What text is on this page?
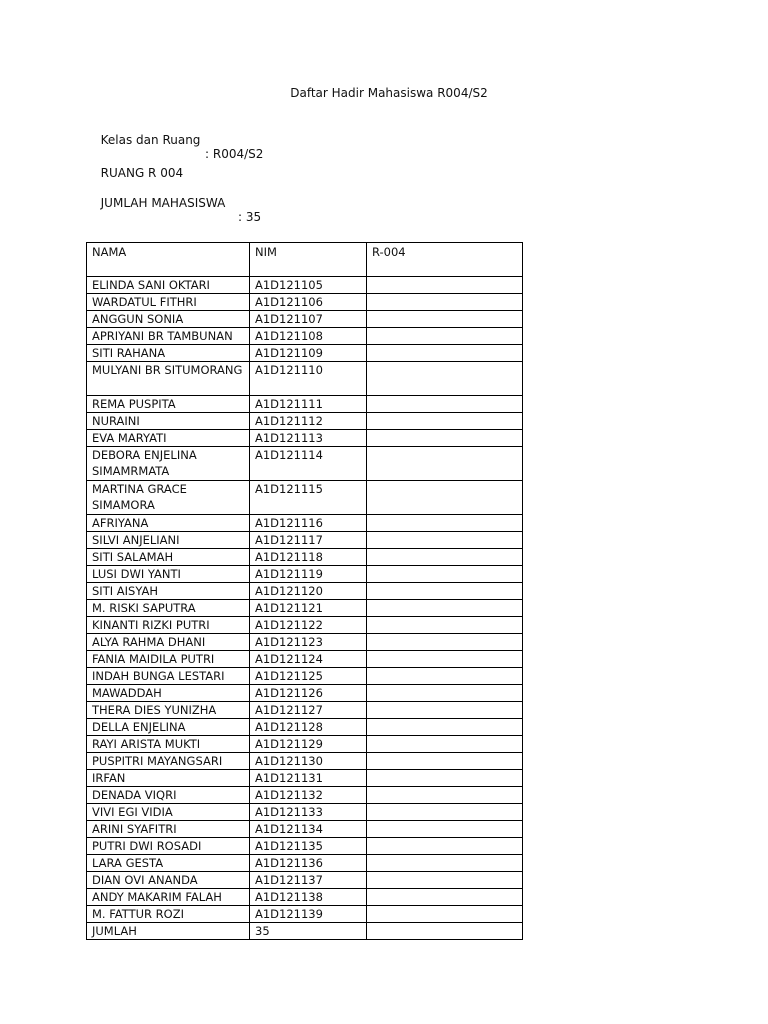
Daftar Hadir Mahasiswa R004/S2

Kelas dan Ruang

: R004/S2

RUANG R 004

JUMLAH MAHASISWA

: 35

NAMA	NIM	R-004
ELINDA SANI OKTARI	A1D121105	
WARDATUL FITHRI	A1D121106	
ANGGUN SONIA	A1D121107	
APRIYANI BR TAMBUNAN	A1D121108	
SITI RAHANA	A1D121109	
MULYANI BR SITUMORANG	A1D121110	
REMA PUSPITA	A1D121111	
NURAINI	A1D121112	
EVA MARYATI	A1D121113	
DEBORA ENJELINA SIMAMRMATA	A1D121114	
MARTINA GRACE SIMAMORA	A1D121115	
AFRIYANA	A1D121116	
SILVI ANJELIANI	A1D121117	
SITI SALAMAH	A1D121118	
LUSI DWI YANTI	A1D121119	
SITI AISYAH	A1D121120	
M. RISKI SAPUTRA	A1D121121	
KINANTI RIZKI PUTRI	A1D121122	
ALYA RAHMA DHANI	A1D121123	
FANIA MAIDILA PUTRI	A1D121124	
INDAH BUNGA LESTARI	A1D121125	
MAWADDAH	A1D121126	
THERA DIES YUNIZHA	A1D121127	
DELLA ENJELINA	A1D121128	
RAYI ARISTA MUKTI	A1D121129	
PUSPITRI MAYANGSARI	A1D121130	
IRFAN	A1D121131	
DENADA VIQRI	A1D121132	
VIVI EGI VIDIA	A1D121133	
ARINI SYAFITRI	A1D121134	
PUTRI DWI ROSADI	A1D121135	
LARA GESTA	A1D121136	
DIAN OVI ANANDA	A1D121137	
ANDY MAKARIM FALAH	A1D121138	
M. FATTUR ROZI	A1D121139	
JUMLAH	35	
